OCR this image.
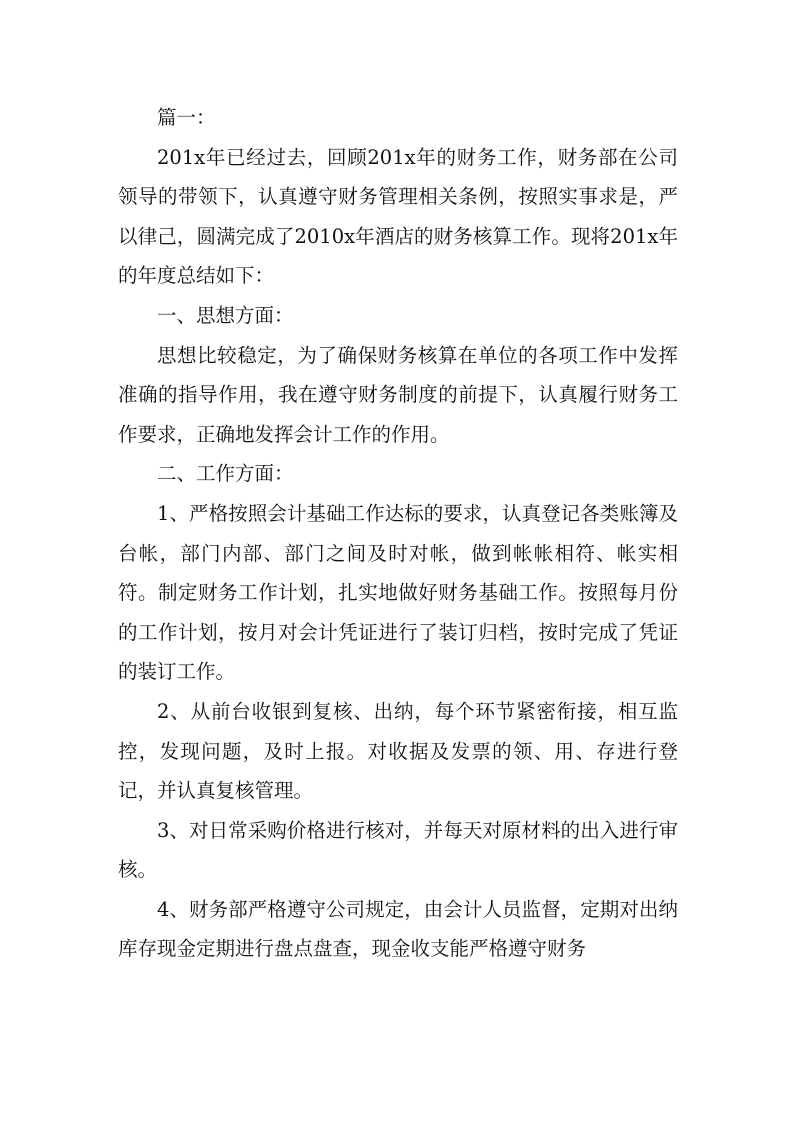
篇一：

201x年已经过去，回顾201x年的财务工作，财务部在公司领导的带领下，认真遵守财务管理相关条例，按照实事求是，严以律己，圆满完成了2010x年酒店的财务核算工作。现将201x年的年度总结如下：

一、思想方面：

思想比较稳定，为了确保财务核算在单位的各项工作中发挥准确的指导作用，我在遵守财务制度的前提下，认真履行财务工作要求，正确地发挥会计工作的作用。

二、工作方面：

1、严格按照会计基础工作达标的要求，认真登记各类账簿及台帐，部门内部、部门之间及时对帐，做到帐帐相符、帐实相符。制定财务工作计划，扎实地做好财务基础工作。按照每月份的工作计划，按月对会计凭证进行了装订归档，按时完成了凭证的装订工作。

2、从前台收银到复核、出纳，每个环节紧密衔接，相互监控，发现问题，及时上报。对收据及发票的领、用、存进行登记，并认真复核管理。

3、对日常采购价格进行核对，并每天对原材料的出入进行审核。

4、财务部严格遵守公司规定，由会计人员监督，定期对出纳库存现金定期进行盘点盘查，现金收支能严格遵守财务
